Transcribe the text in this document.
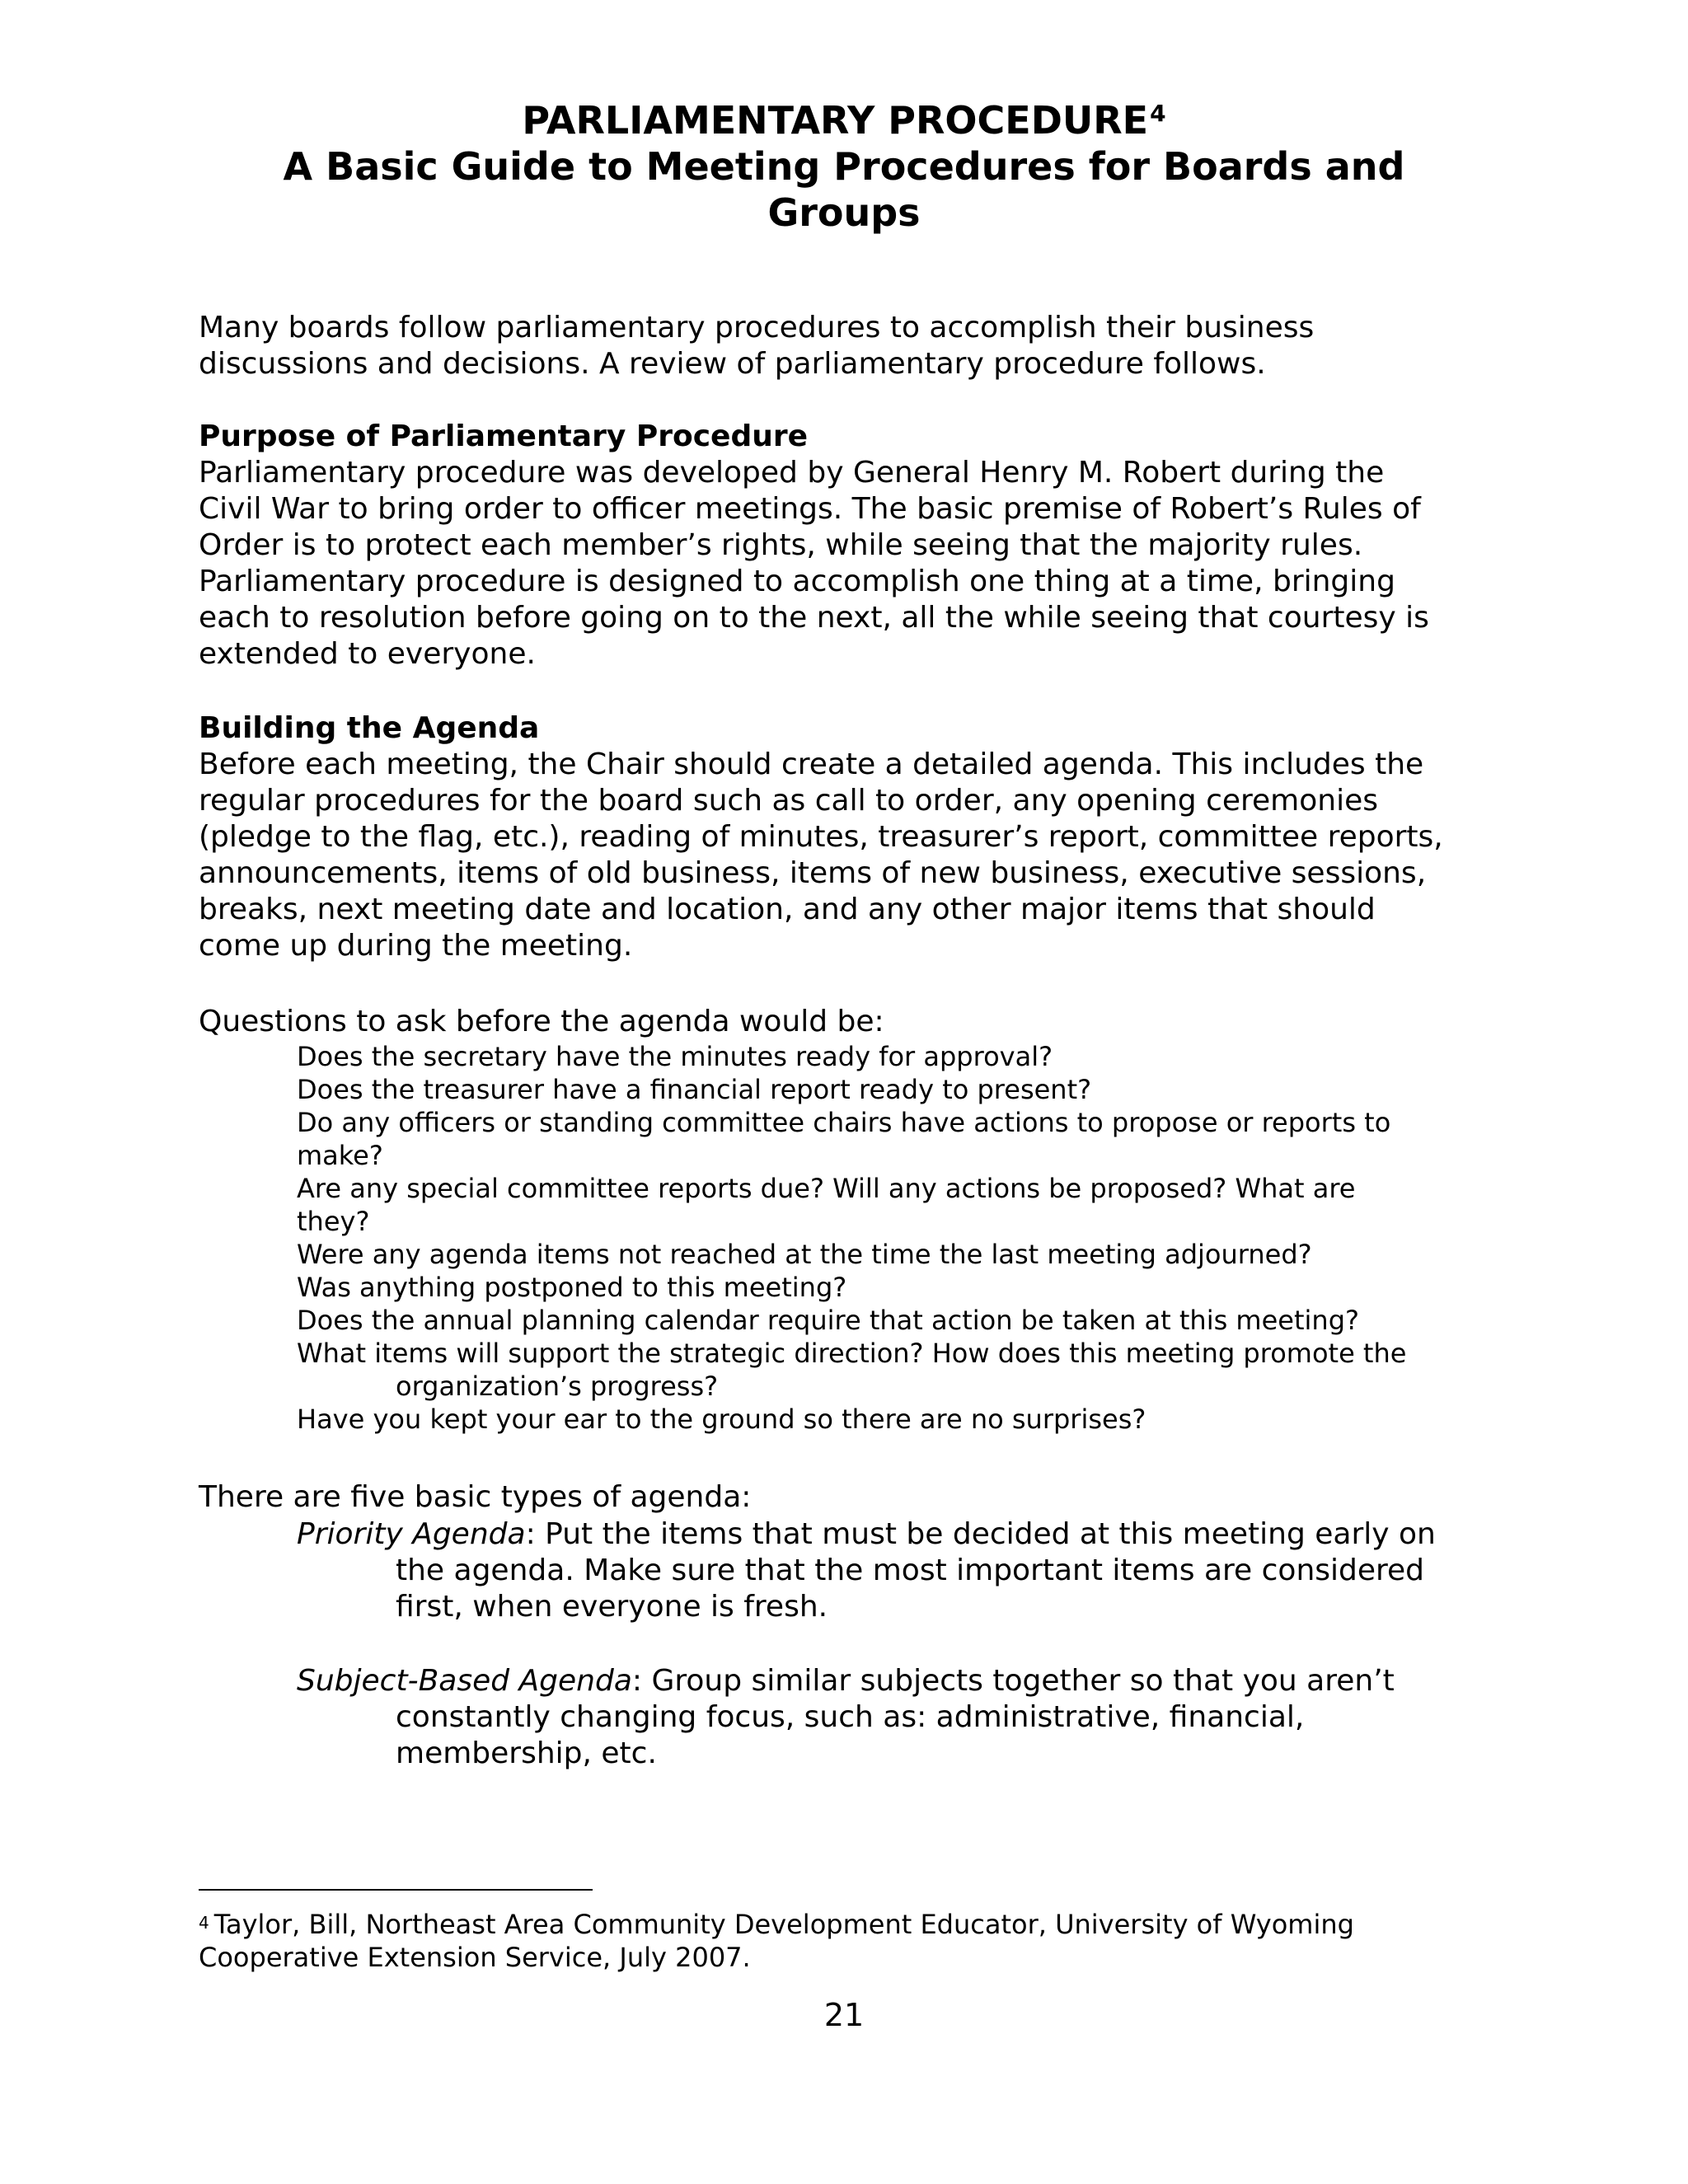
PARLIAMENTARY PROCEDURE$^4$
A Basic Guide to Meeting Procedures for Boards and
Groups

Many boards follow parliamentary procedures to accomplish their business
discussions and decisions. A review of parliamentary procedure follows.

Purpose of Parliamentary Procedure
Parliamentary procedure was developed by General Henry M. Robert during the
Civil War to bring order to officer meetings. The basic premise of Robert’s Rules of
Order is to protect each member’s rights, while seeing that the majority rules.
Parliamentary procedure is designed to accomplish one thing at a time, bringing
each to resolution before going on to the next, all the while seeing that courtesy is
extended to everyone.
Building the Agenda
Before each meeting, the Chair should create a detailed agenda. This includes the
regular procedures for the board such as call to order, any opening ceremonies
(pledge to the flag, etc.), reading of minutes, treasurer’s report, committee reports,
announcements, items of old business, items of new business, executive sessions,
breaks, next meeting date and location, and any other major items that should
come up during the meeting.

Questions to ask before the agenda would be:

Does the secretary have the minutes ready for approval?
Does the treasurer have a financial report ready to present?
Do any officers or standing committee chairs have actions to propose or reports to
make?
Are any special committee reports due? Will any actions be proposed? What are
they?
Were any agenda items not reached at the time the last meeting adjourned?
Was anything postponed to this meeting?
Does the annual planning calendar require that action be taken at this meeting?
What items will support the strategic direction? How does this meeting promote the
organization’s progress?
Have you kept your ear to the ground so there are no surprises?

There are five basic types of agenda:

Priority Agenda: Put the items that must be decided at this meeting early on
the agenda. Make sure that the most important items are considered
first, when everyone is fresh.

Subject-Based Agenda: Group similar subjects together so that you aren’t
constantly changing focus, such as: administrative, financial,
membership, etc.

$^4$ Taylor, Bill, Northeast Area Community Development Educator, University of Wyoming
Cooperative Extension Service, July 2007.

21
